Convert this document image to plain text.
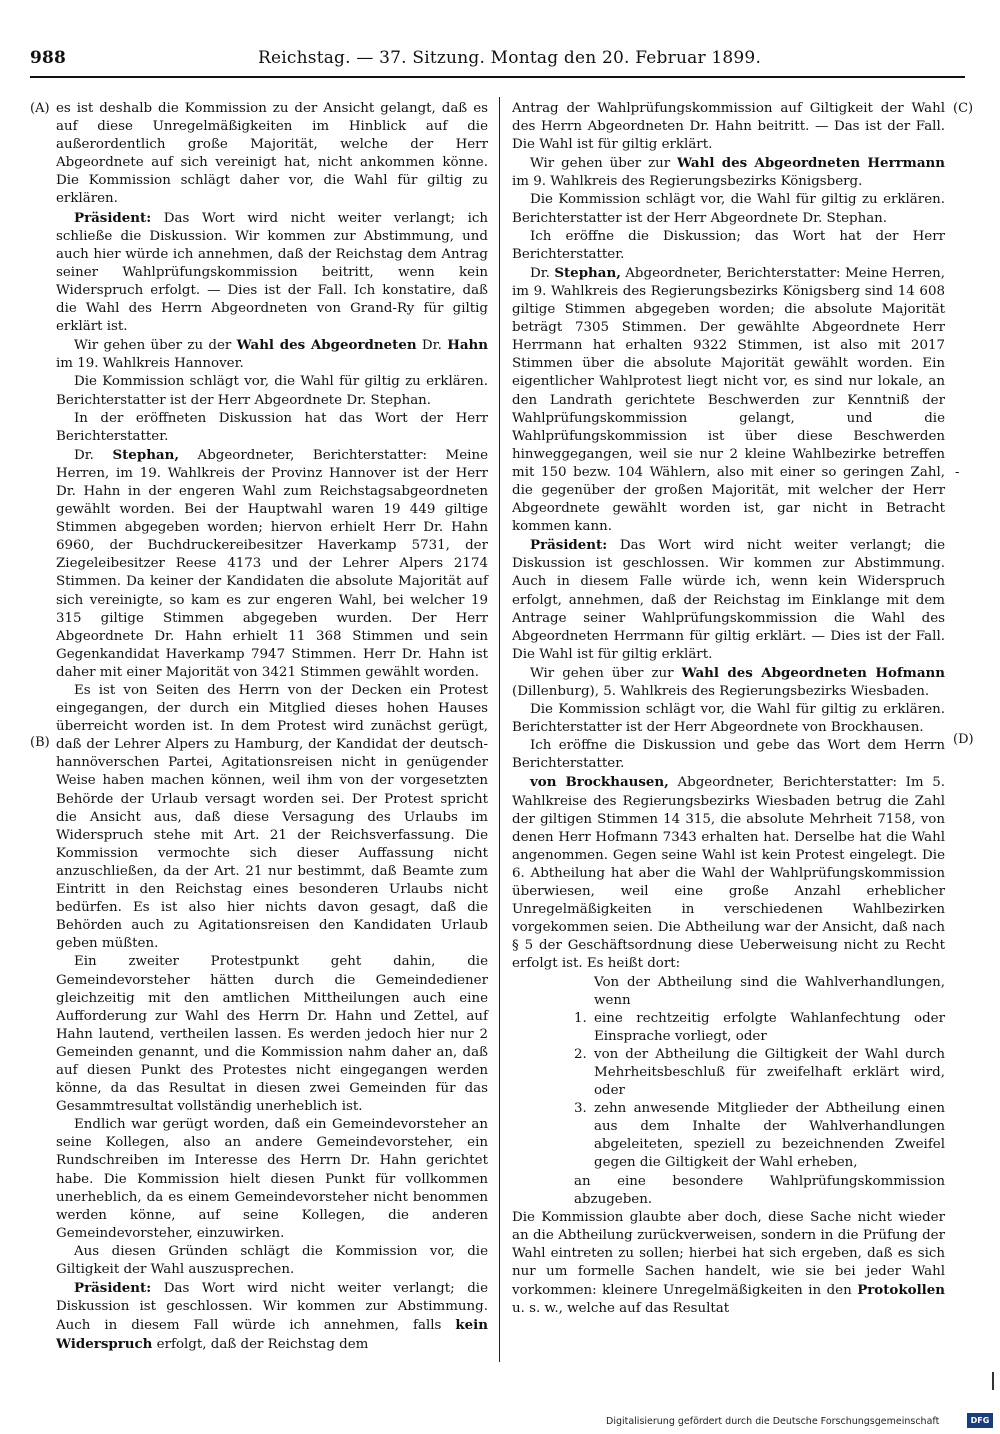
988	Reichstag. — 37. Sitzung. Montag den 20. Februar 1899.
(A)
(B)
(C)
(D)
-

es ist deshalb die Kommission zu der Ansicht gelangt, daß es auf diese Unregelmäßigkeiten im Hinblick auf die außerordentlich große Majorität, welche der Herr Abgeordnete auf sich vereinigt hat, nicht ankommen könne. Die Kommission schlägt daher vor, die Wahl für giltig zu erklären.

Präsident: Das Wort wird nicht weiter verlangt; ich schließe die Diskussion. Wir kommen zur Abstimmung, und auch hier würde ich annehmen, daß der Reichstag dem Antrag seiner Wahlprüfungskommission beitritt, wenn kein Widerspruch erfolgt. — Dies ist der Fall. Ich konstatire, daß die Wahl des Herrn Abgeordneten von Grand-Ry für giltig erklärt ist.

Wir gehen über zu der Wahl des Abgeordneten Dr. Hahn im 19. Wahlkreis Hannover.

Die Kommission schlägt vor, die Wahl für giltig zu erklären. Berichterstatter ist der Herr Abgeordnete Dr. Stephan.

In der eröffneten Diskussion hat das Wort der Herr Berichterstatter.

Dr. Stephan, Abgeordneter, Berichterstatter: Meine Herren, im 19. Wahlkreis der Provinz Hannover ist der Herr Dr. Hahn in der engeren Wahl zum Reichstagsabgeordneten gewählt worden. Bei der Hauptwahl waren 19 449 giltige Stimmen abgegeben worden; hiervon erhielt Herr Dr. Hahn 6960, der Buchdruckereibesitzer Haverkamp 5731, der Ziegeleibesitzer Reese 4173 und der Lehrer Alpers 2174 Stimmen. Da keiner der Kandidaten die absolute Majorität auf sich vereinigte, so kam es zur engeren Wahl, bei welcher 19 315 giltige Stimmen abgegeben wurden. Der Herr Abgeordnete Dr. Hahn erhielt 11 368 Stimmen und sein Gegenkandidat Haverkamp 7947 Stimmen. Herr Dr. Hahn ist daher mit einer Majorität von 3421 Stimmen gewählt worden.

Es ist von Seiten des Herrn von der Decken ein Protest eingegangen, der durch ein Mitglied dieses hohen Hauses überreicht worden ist. In dem Protest wird zunächst gerügt, daß der Lehrer Alpers zu Hamburg, der Kandidat der deutsch-hannöverschen Partei, Agitationsreisen nicht in genügender Weise haben machen können, weil ihm von der vorgesetzten Behörde der Urlaub versagt worden sei. Der Protest spricht die Ansicht aus, daß diese Versagung des Urlaubs im Widerspruch stehe mit Art. 21 der Reichsverfassung. Die Kommission vermochte sich dieser Auffassung nicht anzuschließen, da der Art. 21 nur bestimmt, daß Beamte zum Eintritt in den Reichstag eines besonderen Urlaubs nicht bedürfen. Es ist also hier nichts davon gesagt, daß die Behörden auch zu Agitationsreisen den Kandidaten Urlaub geben müßten.

Ein zweiter Protestpunkt geht dahin, die Gemeindevorsteher hätten durch die Gemeindediener gleichzeitig mit den amtlichen Mittheilungen auch eine Aufforderung zur Wahl des Herrn Dr. Hahn und Zettel, auf Hahn lautend, vertheilen lassen. Es werden jedoch hier nur 2 Gemeinden genannt, und die Kommission nahm daher an, daß auf diesen Punkt des Protestes nicht eingegangen werden könne, da das Resultat in diesen zwei Gemeinden für das Gesammtresultat vollständig unerheblich ist.

Endlich war gerügt worden, daß ein Gemeindevorsteher an seine Kollegen, also an andere Gemeindevorsteher, ein Rundschreiben im Interesse des Herrn Dr. Hahn gerichtet habe. Die Kommission hielt diesen Punkt für vollkommen unerheblich, da es einem Gemeindevorsteher nicht benommen werden könne, auf seine Kollegen, die anderen Gemeindevorsteher, einzuwirken.

Aus diesen Gründen schlägt die Kommission vor, die Giltigkeit der Wahl auszusprechen.

Präsident: Das Wort wird nicht weiter verlangt; die Diskussion ist geschlossen. Wir kommen zur Abstimmung. Auch in diesem Fall würde ich annehmen, falls kein Widerspruch erfolgt, daß der Reichstag dem

Antrag der Wahlprüfungskommission auf Giltigkeit der Wahl des Herrn Abgeordneten Dr. Hahn beitritt. — Das ist der Fall. Die Wahl ist für giltig erklärt.

Wir gehen über zur Wahl des Abgeordneten Herrmann im 9. Wahlkreis des Regierungsbezirks Königsberg.

Die Kommission schlägt vor, die Wahl für giltig zu erklären. Berichterstatter ist der Herr Abgeordnete Dr. Stephan.

Ich eröffne die Diskussion; das Wort hat der Herr Berichterstatter.

Dr. Stephan, Abgeordneter, Berichterstatter: Meine Herren, im 9. Wahlkreis des Regierungsbezirks Königsberg sind 14 608 giltige Stimmen abgegeben worden; die absolute Majorität beträgt 7305 Stimmen. Der gewählte Abgeordnete Herr Herrmann hat erhalten 9322 Stimmen, ist also mit 2017 Stimmen über die absolute Majorität gewählt worden. Ein eigentlicher Wahlprotest liegt nicht vor, es sind nur lokale, an den Landrath gerichtete Beschwerden zur Kenntniß der Wahlprüfungskommission gelangt, und die Wahlprüfungskommission ist über diese Beschwerden hinweggegangen, weil sie nur 2 kleine Wahlbezirke betreffen mit 150 bezw. 104 Wählern, also mit einer so geringen Zahl, die gegenüber der großen Majorität, mit welcher der Herr Abgeordnete gewählt worden ist, gar nicht in Betracht kommen kann.

Präsident: Das Wort wird nicht weiter verlangt; die Diskussion ist geschlossen. Wir kommen zur Abstimmung. Auch in diesem Falle würde ich, wenn kein Widerspruch erfolgt, annehmen, daß der Reichstag im Einklange mit dem Antrage seiner Wahlprüfungskommission die Wahl des Abgeordneten Herrmann für giltig erklärt. — Dies ist der Fall. Die Wahl ist für giltig erklärt.

Wir gehen über zur Wahl des Abgeordneten Hofmann (Dillenburg), 5. Wahlkreis des Regierungsbezirks Wiesbaden.

Die Kommission schlägt vor, die Wahl für giltig zu erklären. Berichterstatter ist der Herr Abgeordnete von Brockhausen.

Ich eröffne die Diskussion und gebe das Wort dem Herrn Berichterstatter.

von Brockhausen, Abgeordneter, Berichterstatter: Im 5. Wahlkreise des Regierungsbezirks Wiesbaden betrug die Zahl der giltigen Stimmen 14 315, die absolute Mehrheit 7158, von denen Herr Hofmann 7343 erhalten hat. Derselbe hat die Wahl angenommen. Gegen seine Wahl ist kein Protest eingelegt. Die 6. Abtheilung hat aber die Wahl der Wahlprüfungskommission überwiesen, weil eine große Anzahl erheblicher Unregelmäßigkeiten in verschiedenen Wahlbezirken vorgekommen seien. Die Abtheilung war der Ansicht, daß nach § 5 der Geschäftsordnung diese Ueberweisung nicht zu Recht erfolgt ist. Es heißt dort:

Von der Abtheilung sind die Wahlverhandlungen, wenn

1. eine rechtzeitig erfolgte Wahlanfechtung oder Einsprache vorliegt, oder

2. von der Abtheilung die Giltigkeit der Wahl durch Mehrheitsbeschluß für zweifelhaft erklärt wird, oder

3. zehn anwesende Mitglieder der Abtheilung einen aus dem Inhalte der Wahlverhandlungen abgeleiteten, speziell zu bezeichnenden Zweifel gegen die Giltigkeit der Wahl erheben,

an eine besondere Wahlprüfungskommission abzugeben.

Die Kommission glaubte aber doch, diese Sache nicht wieder an die Abtheilung zurückverweisen, sondern in die Prüfung der Wahl eintreten zu sollen; hierbei hat sich ergeben, daß es sich nur um formelle Sachen handelt, wie sie bei jeder Wahl vorkommen: kleinere Unregelmäßigkeiten in den Protokollen u. s. w., welche auf das Resultat

Digitalisierung gefördert durch die Deutsche Forschungsgemeinschaft	DFG
